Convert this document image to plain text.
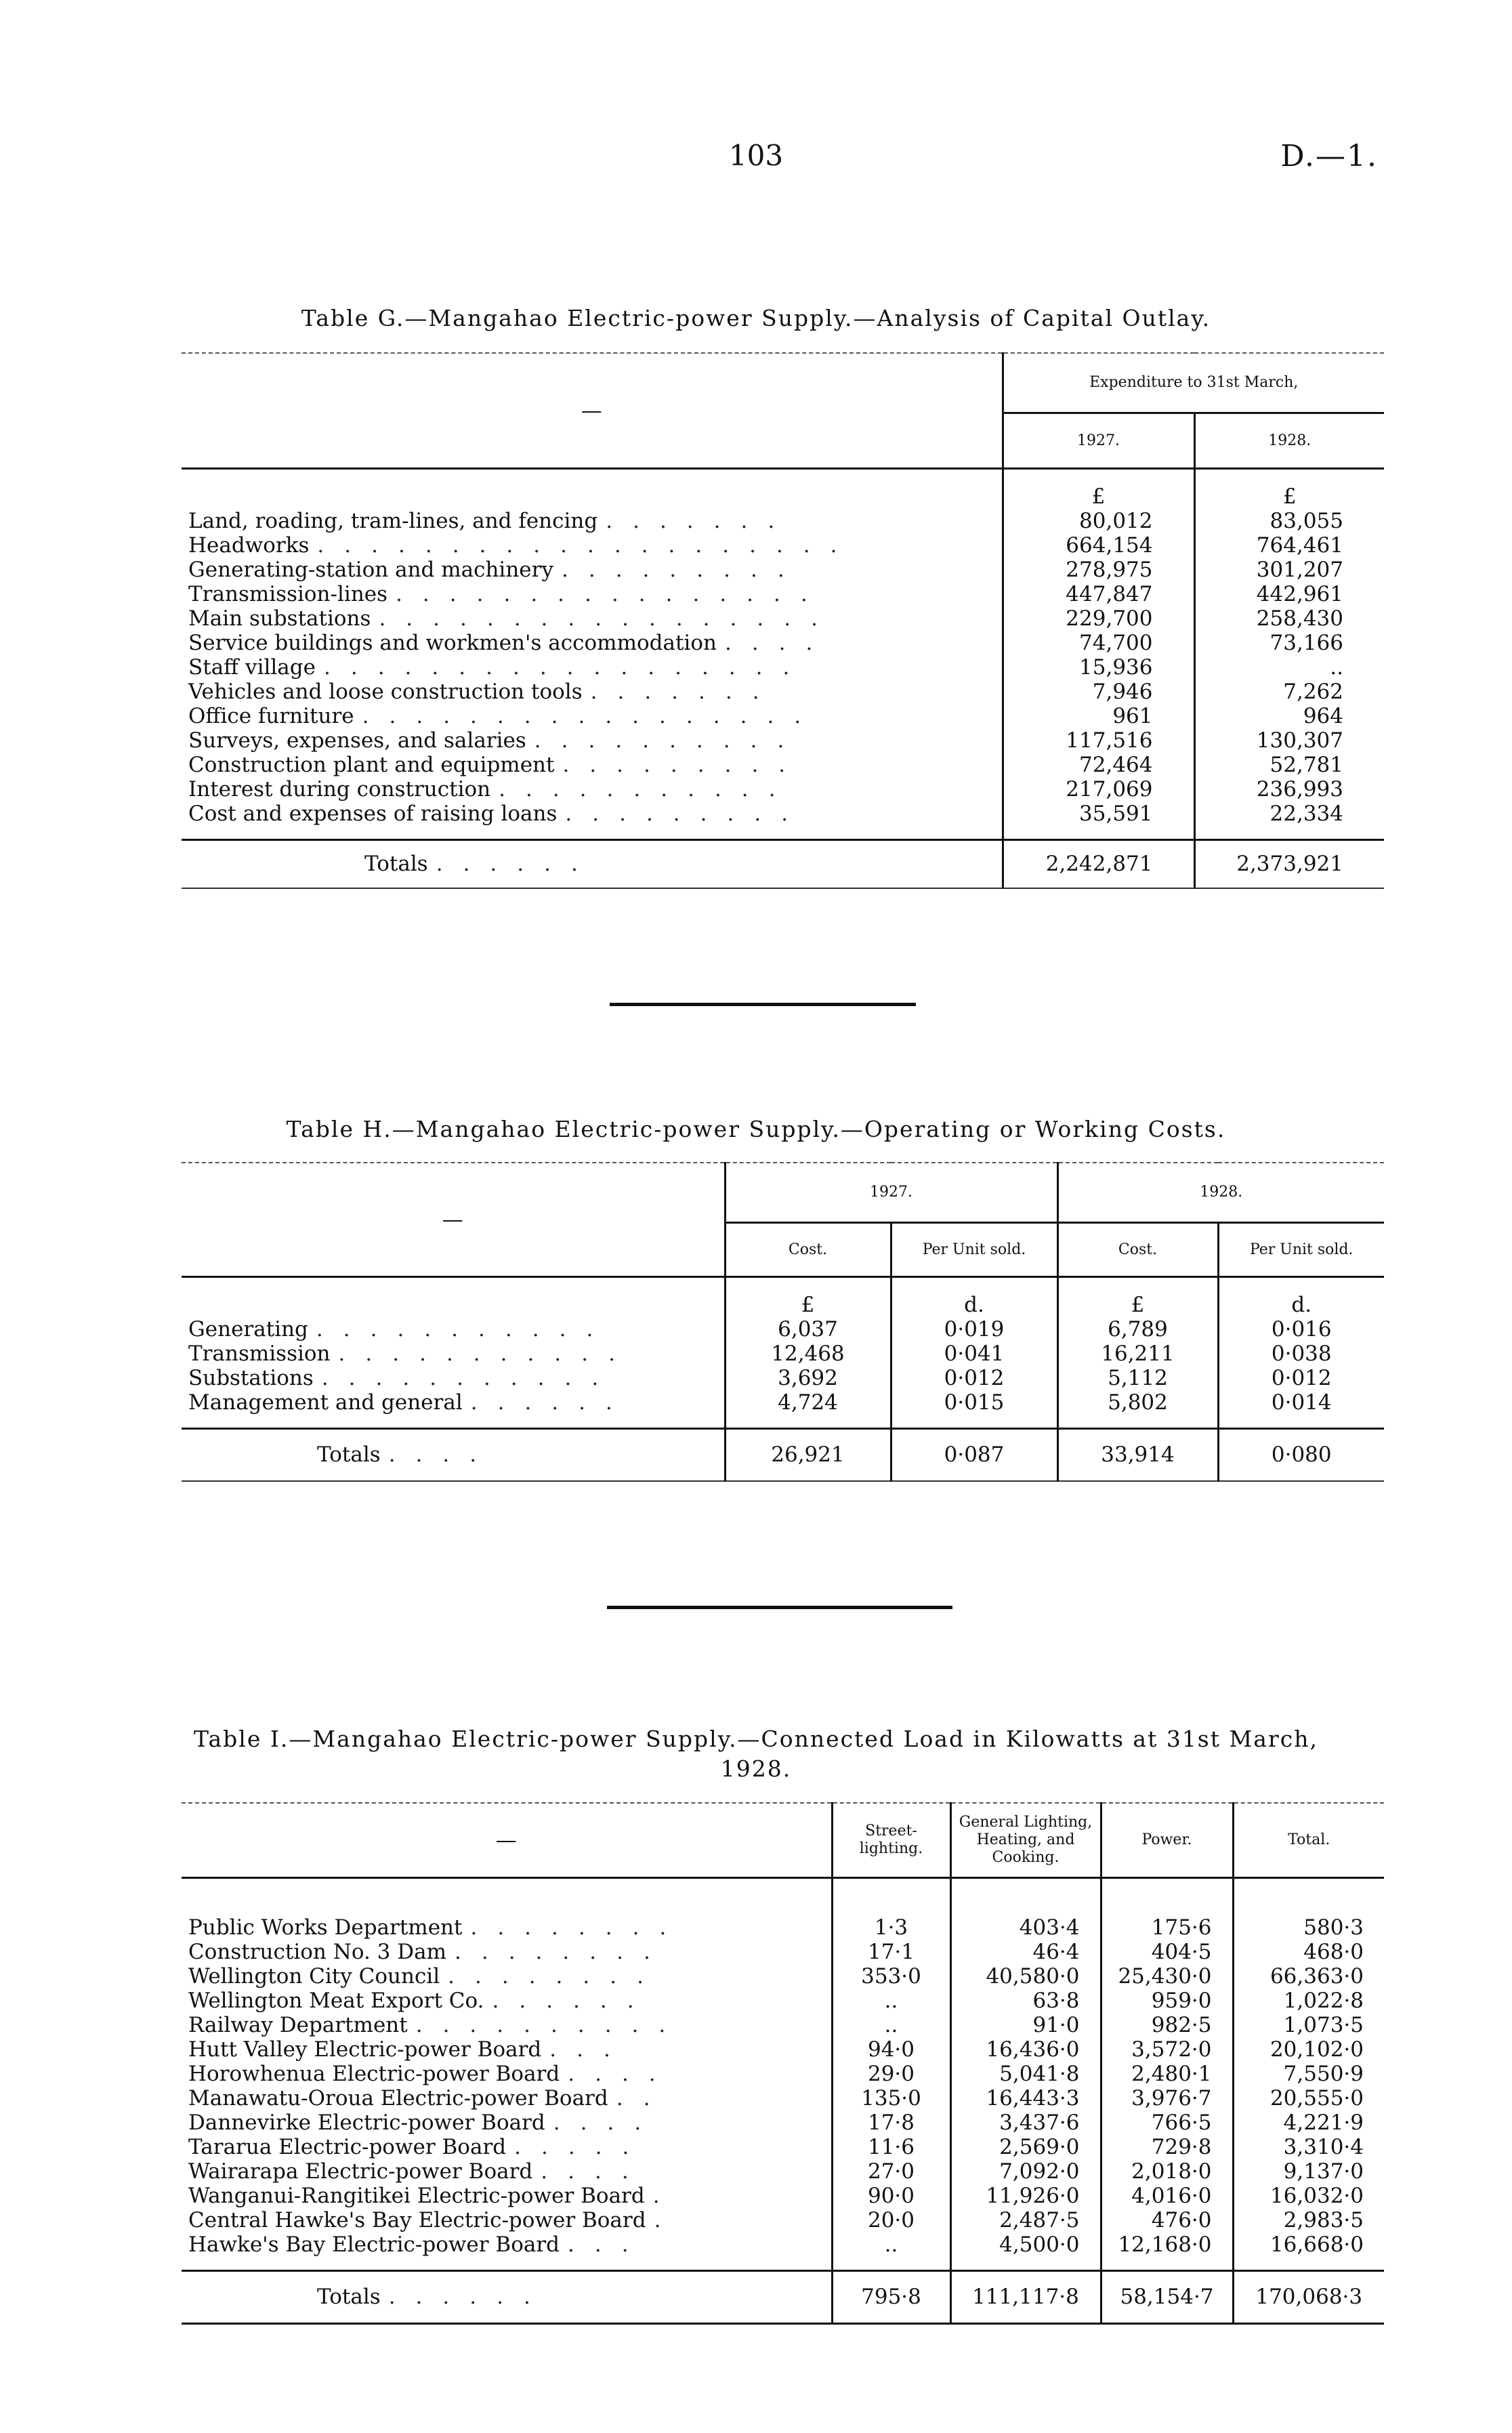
103	D.—1.
Table G.—Mangahao Electric-power Supply.—Analysis of Capital Outlay.
—	Expenditure to 31st March,	
	1927.	1928.
	£	£
Land, roading, tram-lines, and fencing .......	80,012	83,055
Headworks ....................	664,154	764,461
Generating-station and machinery .........	278,975	301,207
Transmission-lines ................	447,847	442,961
Main substations .................	229,700	258,430
Service buildings and workmen's accommodation ....	74,700	73,166
Staff village ..................	15,936	..
Vehicles and loose construction tools .......	7,946	7,262
Office furniture .................	961	964
Surveys, expenses, and salaries ..........	117,516	130,307
Construction plant and equipment .........	72,464	52,781
Interest during construction ...........	217,069	236,993
Cost and expenses of raising loans .........	35,591	22,334

Totals ......	2,242,871	2,373,921
Table H.—Mangahao Electric-power Supply.—Operating or Working Costs.
—	1927.		1928.	
	Cost.	Per Unit sold.	Cost.	Per Unit sold.
	£	d.	£	d.
Generating ...........	6,037	0·019	6,789	0·016
Transmission ...........	12,468	0·041	16,211	0·038
Substations ...........	3,692	0·012	5,112	0·012
Management and general ......	4,724	0·015	5,802	0·014

Totals ....	26,921	0·087	33,914	0·080
Table I.—Mangahao Electric-power Supply.—Connected Load in Kilowatts at 31st March,
1928.
—	Street-lighting.	General Lighting, Heating, and Cooking.	Power.	Total.

Public Works Department ........	1·3	403·4	175·6	580·3
Construction No. 3 Dam ........	17·1	46·4	404·5	468·0
Wellington City Council ........	353·0	40,580·0	25,430·0	66,363·0
Wellington Meat Export Co. ......	..	63·8	959·0	1,022·8
Railway Department ..........	..	91·0	982·5	1,073·5
Hutt Valley Electric-power Board ...	94·0	16,436·0	3,572·0	20,102·0
Horowhenua Electric-power Board ....	29·0	5,041·8	2,480·1	7,550·9
Manawatu-Oroua Electric-power Board ..	135·0	16,443·3	3,976·7	20,555·0
Dannevirke Electric-power Board ....	17·8	3,437·6	766·5	4,221·9
Tararua Electric-power Board .....	11·6	2,569·0	729·8	3,310·4
Wairarapa Electric-power Board ....	27·0	7,092·0	2,018·0	9,137·0
Wanganui-Rangitikei Electric-power Board .	90·0	11,926·0	4,016·0	16,032·0
Central Hawke's Bay Electric-power Board .	20·0	2,487·5	476·0	2,983·5
Hawke's Bay Electric-power Board ...	..	4,500·0	12,168·0	16,668·0

Totals ......	795·8	111,117·8	58,154·7	170,068·3
